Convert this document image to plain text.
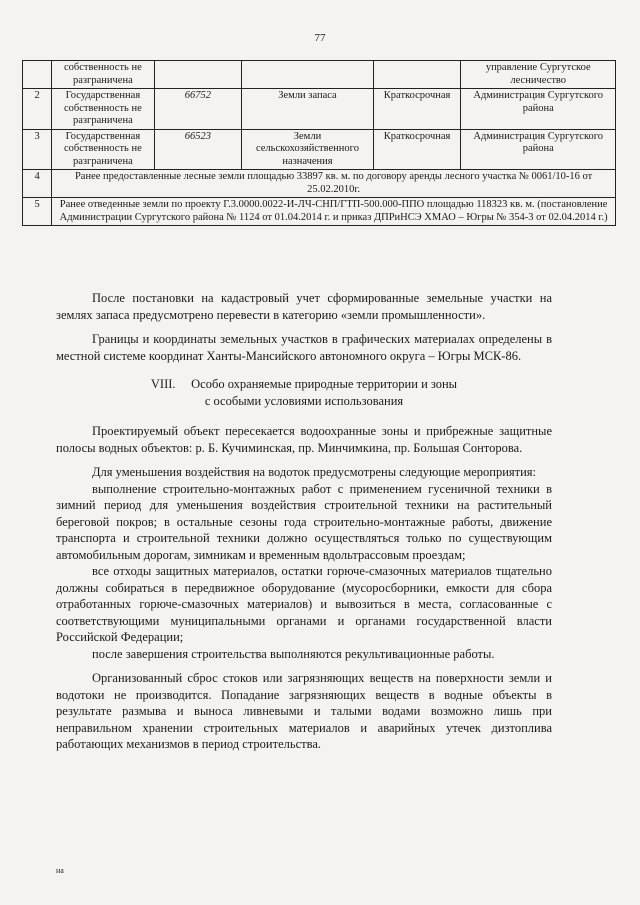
77
	собственность не разграничена				управление Сургутское лесничество
2	Государственная собственность не разграничена	66752	Земли запаса	Краткосрочная	Администрация Сургутского района
3	Государственная собственность не разграничена	66523	Земли сельскохозяйственного назначения	Краткосрочная	Администрация Сургутского района
4	Ранее предоставленные лесные земли площадью 33897 кв. м. по договору аренды лесного участка № 0061/10-16 от 25.02.2010г.				
5	Ранее отведенные земли по проекту Г.3.0000.0022-И-ЛЧ-СНП/ГТП-500.000-ППО площадью 118323 кв. м. (постановление Администрации Сургутского района № 1124 от 01.04.2014 г. и приказ ДПРиНСЭ ХМАО – Югры № 354-3 от 02.04.2014 г.)				

После постановки на кадастровый учет сформированные земельные участки на землях запаса предусмотрено перевести в категорию «земли промышленности».

Границы и координаты земельных участков в графических материалах определены в местной системе координат Ханты-Мансийского автономного округа – Югры МСК-86.

VIII.     Особо охраняемые природные территории и зоны
с особыми условиями использования

Проектируемый объект пересекается водоохранные зоны и прибрежные защитные полосы водных объектов: р. Б. Кучиминская, пр. Минчимкина, пр. Большая Сонторова.

Для уменьшения воздействия на водоток предусмотрены следующие мероприятия:

выполнение строительно-монтажных работ с применением гусеничной техники в зимний период для уменьшения воздействия строительной техники на растительный береговой покров; в остальные сезоны года строительно-монтажные работы, движение транспорта и строительной техники должно осуществляться только по существующим автомобильным дорогам, зимникам и временным вдольтрассовым проездам;

все отходы защитных материалов, остатки горюче-смазочных материалов тщательно должны собираться в передвижное оборудование (мусоросборники, емкости для сбора отработанных горюче-смазочных материалов) и вывозиться в места, согласованные с соответствующими муниципальными органами и органами государственной власти Российской Федерации;

после завершения строительства выполняются рекультивационные работы.

Организованный сброс стоков или загрязняющих веществ на поверхности земли и водотоки не производится. Попадание загрязняющих веществ в водные объекты в результате размыва и выноса ливневыми и талыми водами возможно лишь при неправильном хранении строительных материалов и аварийных утечек дизтоплива работающих механизмов в период строительства.

на
